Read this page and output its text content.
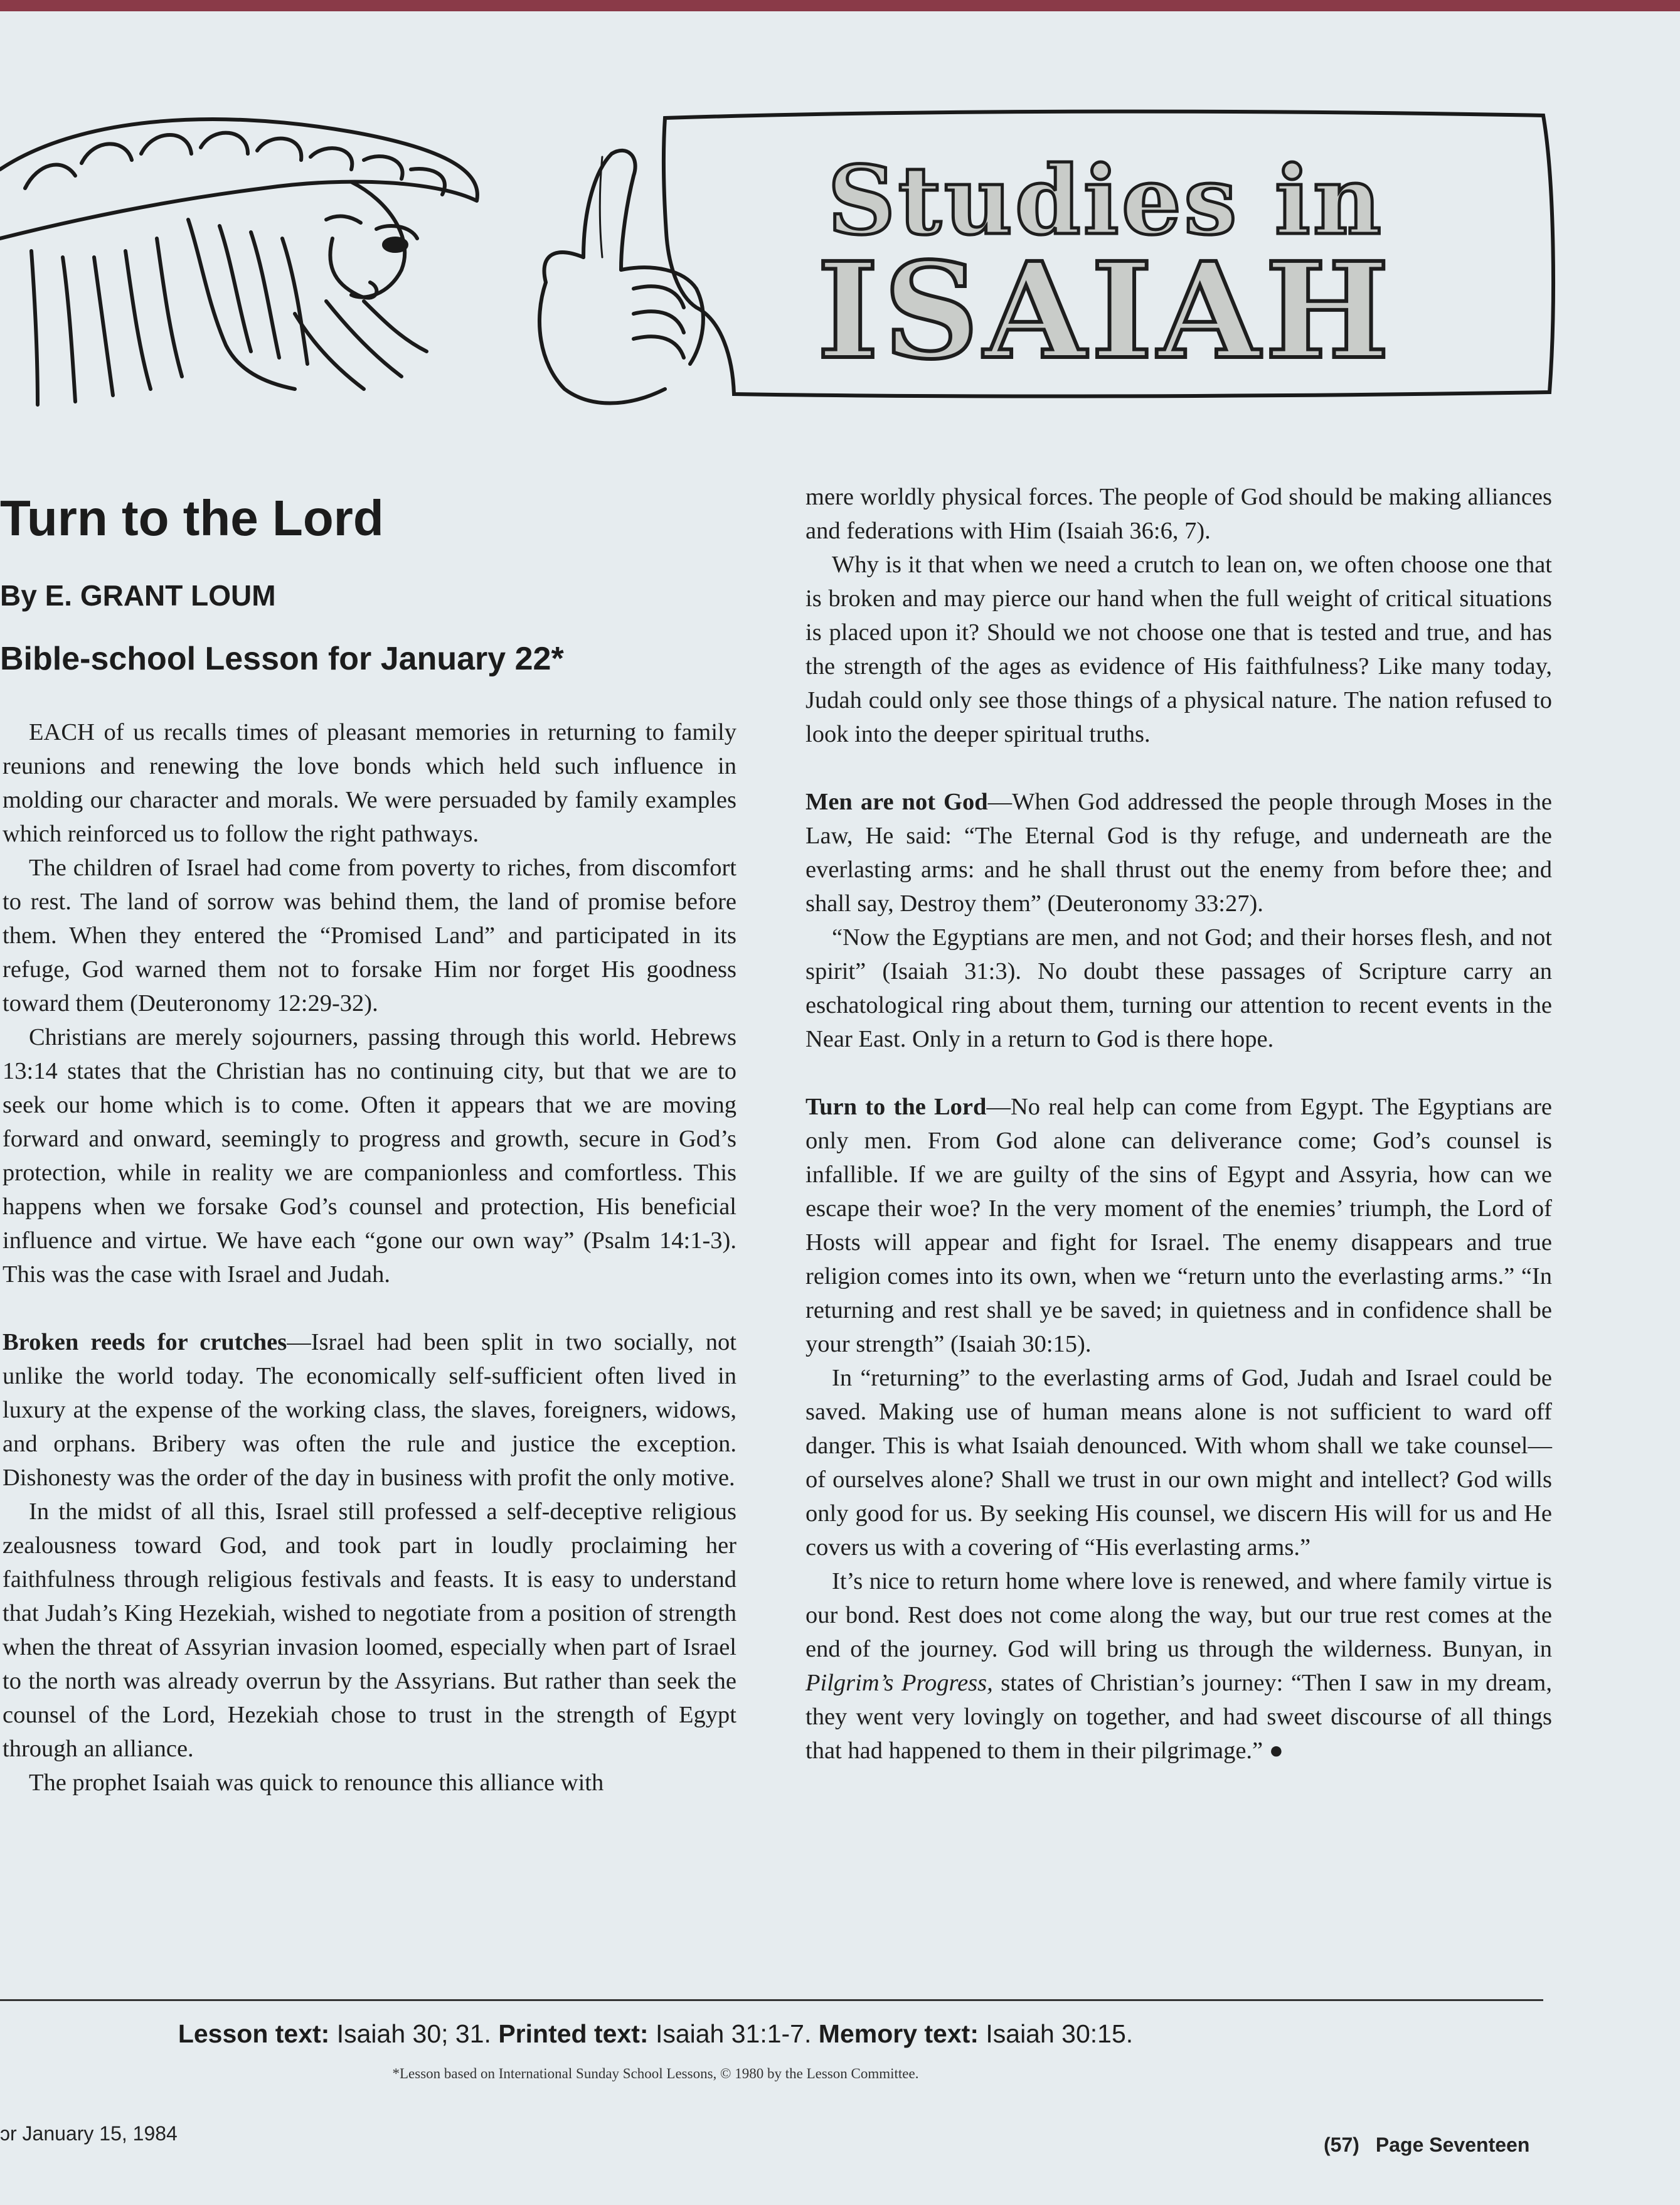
Studies in
ISAIAH
Turn to the Lord
By E. GRANT LOUM
Bible-school Lesson for January 22*

EACH of us recalls times of pleasant memories in returning to family reunions and renewing the love bonds which held such influence in molding our character and morals. We were persuaded by family examples which reinforced us to follow the right pathways.

The children of Israel had come from poverty to riches, from discomfort to rest. The land of sorrow was behind them, the land of promise before them. When they entered the “Promised Land” and participated in its refuge, God warned them not to forsake Him nor forget His goodness toward them (Deuteronomy 12:29-32).

Christians are merely sojourners, passing through this world. Hebrews 13:14 states that the Christian has no continuing city, but that we are to seek our home which is to come. Often it appears that we are moving forward and onward, seemingly to progress and growth, secure in God’s protection, while in reality we are companionless and comfortless. This happens when we forsake God’s counsel and protection, His beneficial influence and virtue. We have each “gone our own way” (Psalm 14:1-3). This was the case with Israel and Judah.

Broken reeds for crutches—Israel had been split in two socially, not unlike the world today. The economically self-sufficient often lived in luxury at the expense of the working class, the slaves, foreigners, widows, and orphans. Bribery was often the rule and justice the exception. Dishonesty was the order of the day in business with profit the only motive.

In the midst of all this, Israel still professed a self-deceptive religious zealousness toward God, and took part in loudly proclaiming her faithfulness through religious festivals and feasts. It is easy to understand that Judah’s King Hezekiah, wished to negotiate from a position of strength when the threat of Assyrian invasion loomed, especially when part of Israel to the north was already overrun by the Assyrians. But rather than seek the counsel of the Lord, Hezekiah chose to trust in the strength of Egypt through an alliance.

The prophet Isaiah was quick to renounce this alliance with

mere worldly physical forces. The people of God should be making alliances and federations with Him (Isaiah 36:6, 7).

Why is it that when we need a crutch to lean on, we often choose one that is broken and may pierce our hand when the full weight of critical situations is placed upon it? Should we not choose one that is tested and true, and has the strength of the ages as evidence of His faithfulness? Like many today, Judah could only see those things of a physical nature. The nation refused to look into the deeper spiritual truths.

Men are not God—When God addressed the people through Moses in the Law, He said: “The Eternal God is thy refuge, and underneath are the everlasting arms: and he shall thrust out the enemy from before thee; and shall say, Destroy them” (Deuteronomy 33:27).

“Now the Egyptians are men, and not God; and their horses flesh, and not spirit” (Isaiah 31:3). No doubt these passages of Scripture carry an eschatological ring about them, turning our attention to recent events in the Near East. Only in a return to God is there hope.

Turn to the Lord—No real help can come from Egypt. The Egyptians are only men. From God alone can deliverance come; God’s counsel is infallible. If we are guilty of the sins of Egypt and Assyria, how can we escape their woe? In the very moment of the enemies’ triumph, the Lord of Hosts will appear and fight for Israel. The enemy disappears and true religion comes into its own, when we “return unto the everlasting arms.” “In returning and rest shall ye be saved; in quietness and in confidence shall be your strength” (Isaiah 30:15).

In “returning” to the everlasting arms of God, Judah and Israel could be saved. Making use of human means alone is not sufficient to ward off danger. This is what Isaiah denounced. With whom shall we take counsel—of ourselves alone? Shall we trust in our own might and intellect? God wills only good for us. By seeking His counsel, we discern His will for us and He covers us with a covering of “His everlasting arms.”

It’s nice to return home where love is renewed, and where family virtue is our bond. Rest does not come along the way, but our true rest comes at the end of the journey. God will bring us through the wilderness. Bunyan, in Pilgrim’s Progress, states of Christian’s journey: “Then I saw in my dream, they went very lovingly on together, and had sweet discourse of all things that had happened to them in their pilgrimage.” ●

Lesson text: Isaiah 30; 31. Printed text: Isaiah 31:1-7. Memory text: Isaiah 30:15.
*Lesson based on International Sunday School Lessons, © 1980 by the Lesson Committee.
ɔr January 15, 1984	(57) Page Seventeen
